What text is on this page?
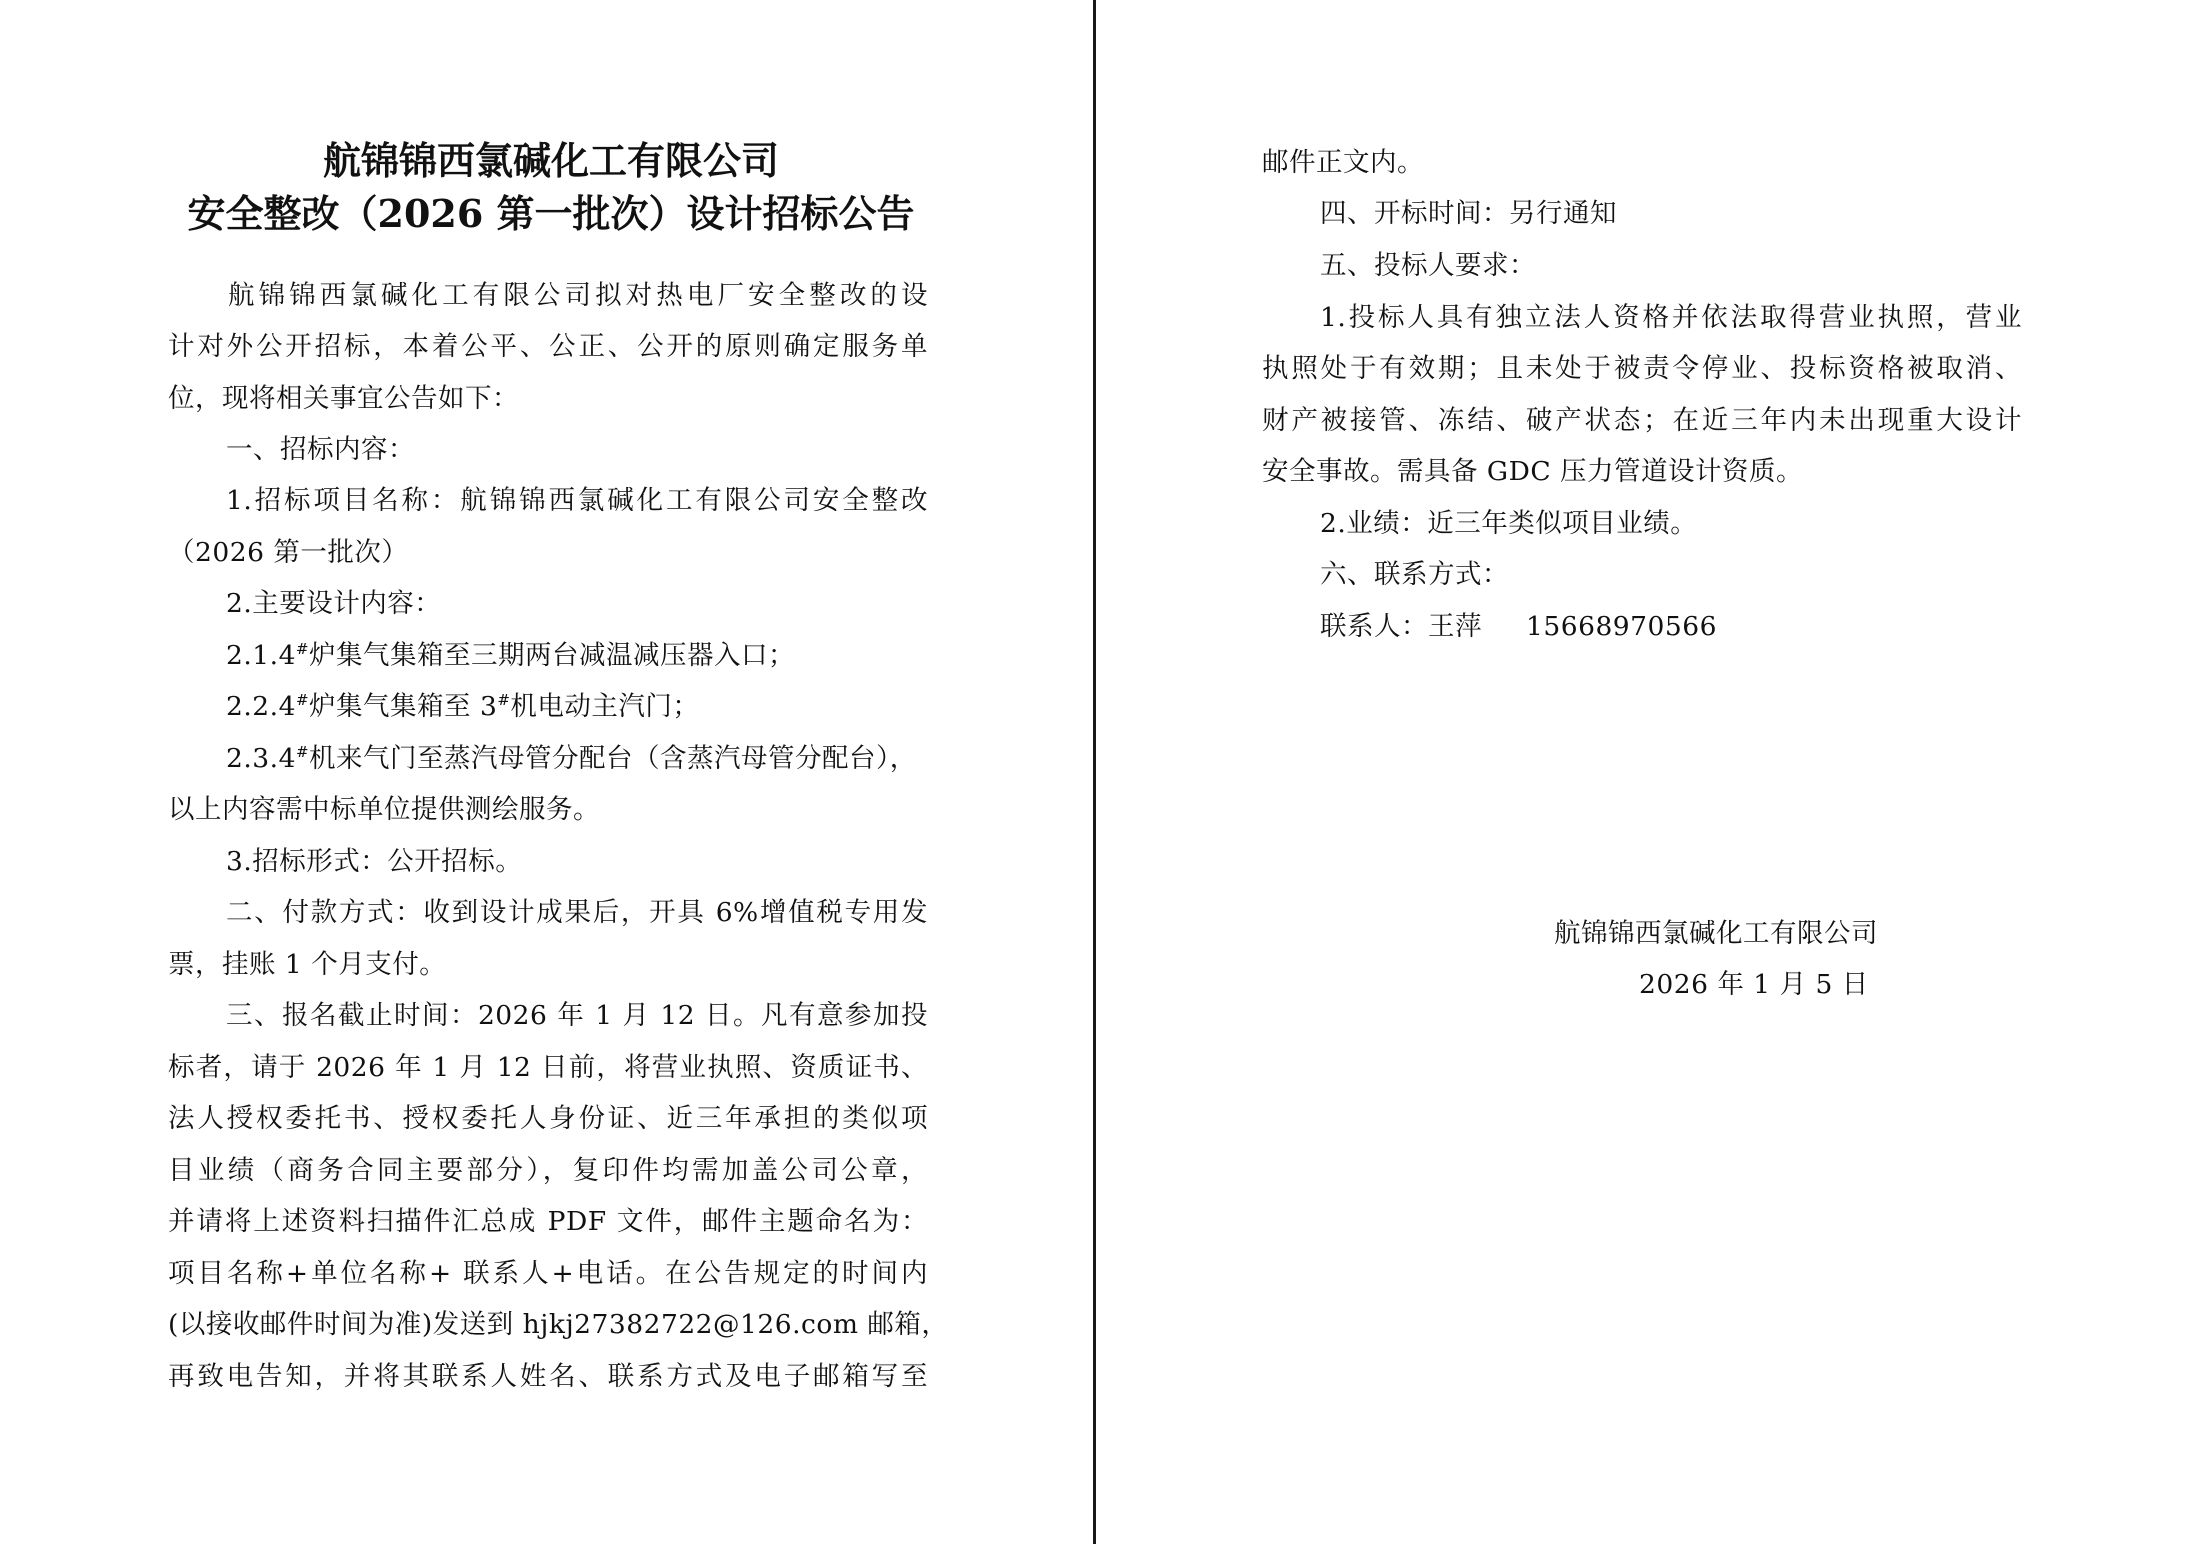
航锦锦西氯碱化工有限公司
安全整改（2026 第一批次）设计招标公告
航锦锦西氯碱化工有限公司拟对热电厂安全整改的设
计对外公开招标，本着公平、公正、公开的原则确定服务单
位，现将相关事宜公告如下：
一、招标内容：
1.招标项目名称：航锦锦西氯碱化工有限公司安全整改
（2026 第一批次）
2.主要设计内容：
2.1.4#炉集气集箱至三期两台减温减压器入口；
2.2.4#炉集气集箱至 3#机电动主汽门；
2.3.4#机来气门至蒸汽母管分配台（含蒸汽母管分配台），
以上内容需中标单位提供测绘服务。
3.招标形式：公开招标。
二、付款方式：收到设计成果后，开具 6%增值税专用发
票，挂账 1 个月支付。
三、报名截止时间：2026 年 1 月 12 日。凡有意参加投
标者，请于 2026 年 1 月 12 日前，将营业执照、资质证书、
法人授权委托书、授权委托人身份证、近三年承担的类似项
目业绩（商务合同主要部分），复印件均需加盖公司公章，
并请将上述资料扫描件汇总成 PDF 文件，邮件主题命名为：
项目名称+单位名称+ 联系人+电话。在公告规定的时间内
(以接收邮件时间为准)发送到 hjkj27382722@126.com 邮箱，
再致电告知，并将其联系人姓名、联系方式及电子邮箱写至
邮件正文内。
四、开标时间：另行通知
五、投标人要求：
1.投标人具有独立法人资格并依法取得营业执照，营业
执照处于有效期；且未处于被责令停业、投标资格被取消、
财产被接管、冻结、破产状态；在近三年内未出现重大设计
安全事故。需具备 GDC 压力管道设计资质。
2.业绩：近三年类似项目业绩。
六、联系方式：
联系人：王萍 15668970566
航锦锦西氯碱化工有限公司
2026 年 1 月 5 日
